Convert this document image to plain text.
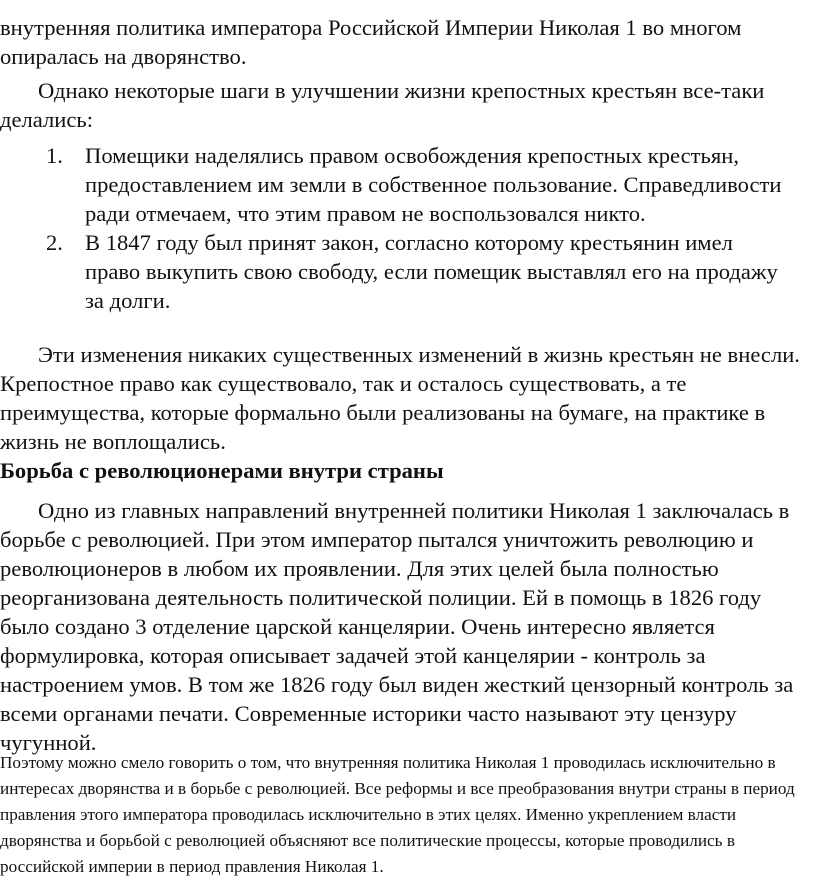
внутренняя политика императора Российской Империи Николая 1 во многом опиралась на дворянство.

Однако некоторые шаги в улучшении жизни крепостных крестьян все-таки делались:

1. Помещики наделялись правом освобождения крепостных крестьян, предоставлением им земли в собственное пользование. Справедливости ради отмечаем, что этим правом не воспользовался никто.
2. В 1847 году был принят закон, согласно которому крестьянин имел право выкупить свою свободу, если помещик выставлял его на продажу за долги.

Эти изменения никаких существенных изменений в жизнь крестьян не внесли. Крепостное право как существовало, так и осталось существовать, а те преимущества, которые формально были реализованы на бумаге, на практике в жизнь не воплощались.

Борьба с революционерами внутри страны

Одно из главных направлений внутренней политики Николая 1 заключалась в борьбе с революцией. При этом император пытался уничтожить революцию и революционеров в любом их проявлении. Для этих целей была полностью реорганизована деятельность политической полиции. Ей в помощь в 1826 году было создано 3 отделение царской канцелярии. Очень интересно является формулировка, которая описывает задачей этой канцелярии - контроль за настроением умов. В том же 1826 году был виден жесткий цензорный контроль за всеми органами печати. Современные историки часто называют эту цензуру чугунной.

Поэтому можно смело говорить о том, что внутренняя политика Николая 1 проводилась исключительно в интересах дворянства и в борьбе с революцией. Все реформы и все преобразования внутри страны в период правления этого императора проводилась исключительно в этих целях. Именно укреплением власти дворянства и борьбой с революцией объясняют все политические процессы, которые проводились в российской империи в период правления Николая 1.
